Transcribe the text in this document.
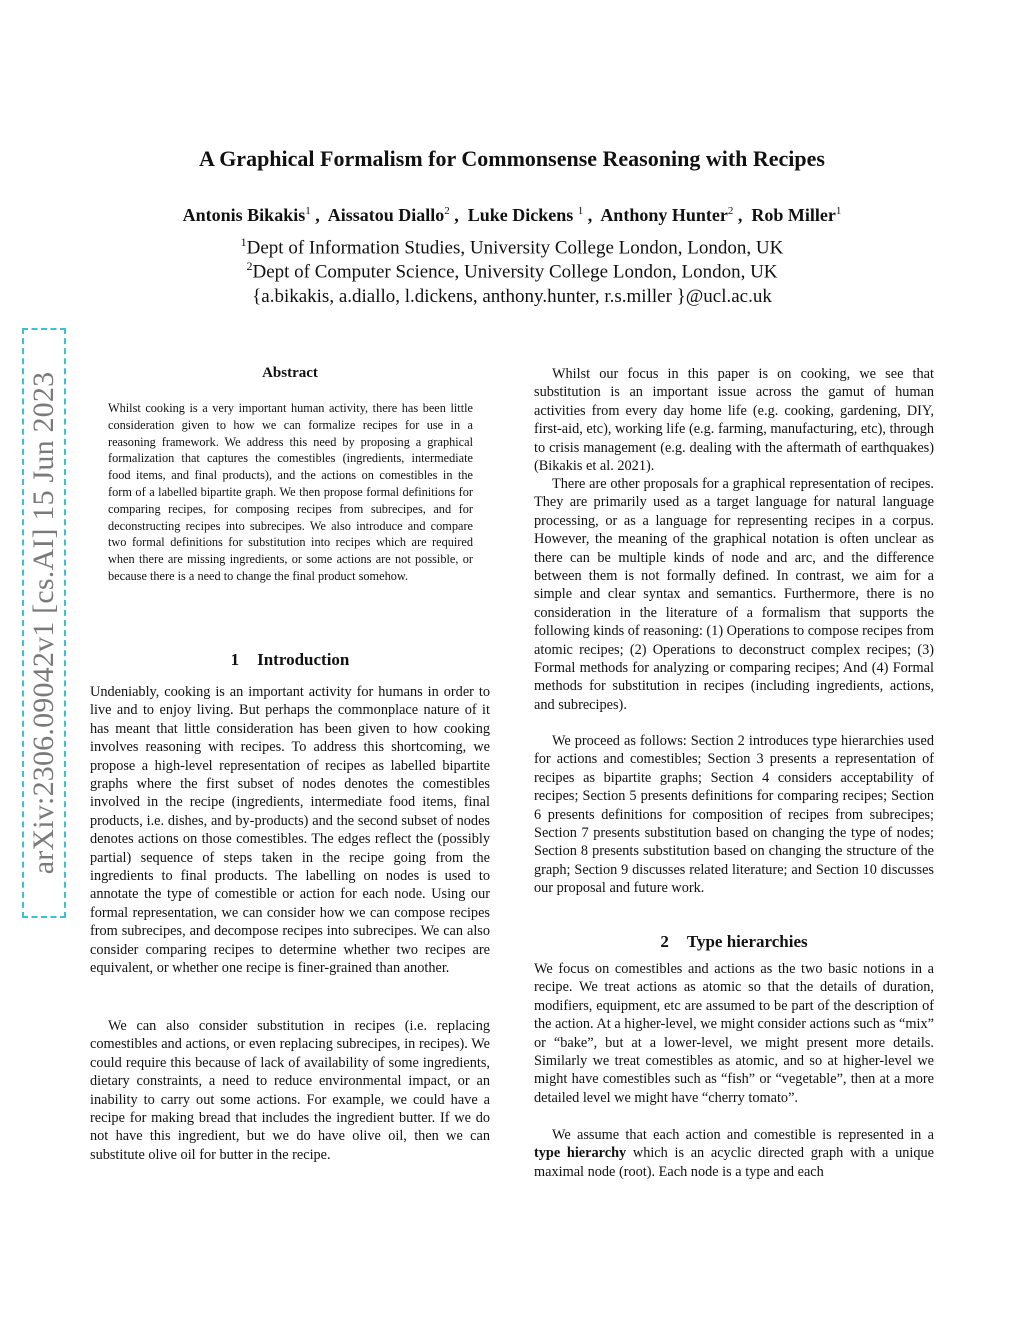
arXiv:2306.09042v1 [cs.AI] 15 Jun 2023
A Graphical Formalism for Commonsense Reasoning with Recipes
Antonis Bikakis$^1$ ,  Aissatou Diallo$^2$ ,  Luke Dickens $^1$ ,  Anthony Hunter$^2$ ,  Rob Miller$^1$
$^1$Dept of Information Studies, University College London, London, UK
$^2$Dept of Computer Science, University College London, London, UK
{a.bikakis, a.diallo, l.dickens, anthony.hunter, r.s.miller }@ucl.ac.uk
Abstract

Whilst cooking is a very important human activity, there has been little consideration given to how we can formalize recipes for use in a reasoning framework. We address this need by proposing a graphical formalization that captures the comestibles (ingredients, intermediate food items, and final products), and the actions on comestibles in the form of a labelled bipartite graph. We then propose formal definitions for comparing recipes, for composing recipes from subrecipes, and for deconstructing recipes into subrecipes. We also introduce and compare two formal definitions for substitution into recipes which are required when there are missing ingredients, or some actions are not possible, or because there is a need to change the final product somehow.

1 Introduction

Undeniably, cooking is an important activity for humans in order to live and to enjoy living. But perhaps the commonplace nature of it has meant that little consideration has been given to how cooking involves reasoning with recipes. To address this shortcoming, we propose a high-level representation of recipes as labelled bipartite graphs where the first subset of nodes denotes the comestibles involved in the recipe (ingredients, intermediate food items, final products, i.e. dishes, and by-products) and the second subset of nodes denotes actions on those comestibles. The edges reflect the (possibly partial) sequence of steps taken in the recipe going from the ingredients to final products. The labelling on nodes is used to annotate the type of comestible or action for each node. Using our formal representation, we can consider how we can compose recipes from subrecipes, and decompose recipes into subrecipes. We can also consider comparing recipes to determine whether two recipes are equivalent, or whether one recipe is finer-grained than another.

We can also consider substitution in recipes (i.e. replacing comestibles and actions, or even replacing subrecipes, in recipes). We could require this because of lack of availability of some ingredients, dietary constraints, a need to reduce environmental impact, or an inability to carry out some actions. For example, we could have a recipe for making bread that includes the ingredient butter. If we do not have this ingredient, but we do have olive oil, then we can substitute olive oil for butter in the recipe.

Whilst our focus in this paper is on cooking, we see that substitution is an important issue across the gamut of human activities from every day home life (e.g. cooking, gardening, DIY, first-aid, etc), working life (e.g. farming, manufacturing, etc), through to crisis management (e.g. dealing with the aftermath of earthquakes) (Bikakis et al. 2021).

There are other proposals for a graphical representation of recipes. They are primarily used as a target language for natural language processing, or as a language for representing recipes in a corpus. However, the meaning of the graphical notation is often unclear as there can be multiple kinds of node and arc, and the difference between them is not formally defined. In contrast, we aim for a simple and clear syntax and semantics. Furthermore, there is no consideration in the literature of a formalism that supports the following kinds of reasoning: (1) Operations to compose recipes from atomic recipes; (2) Operations to deconstruct complex recipes; (3) Formal methods for analyzing or comparing recipes; And (4) Formal methods for substitution in recipes (including ingredients, actions, and subrecipes).

We proceed as follows: Section 2 introduces type hierarchies used for actions and comestibles; Section 3 presents a representation of recipes as bipartite graphs; Section 4 considers acceptability of recipes; Section 5 presents definitions for comparing recipes; Section 6 presents definitions for composition of recipes from subrecipes; Section 7 presents substitution based on changing the type of nodes; Section 8 presents substitution based on changing the structure of the graph; Section 9 discusses related literature; and Section 10 discusses our proposal and future work.

2 Type hierarchies

We focus on comestibles and actions as the two basic notions in a recipe. We treat actions as atomic so that the details of duration, modifiers, equipment, etc are assumed to be part of the description of the action. At a higher-level, we might consider actions such as “mix” or “bake”, but at a lower-level, we might present more details. Similarly we treat comestibles as atomic, and so at higher-level we might have comestibles such as “fish” or “vegetable”, then at a more detailed level we might have “cherry tomato”.

We assume that each action and comestible is represented in a type hierarchy which is an acyclic directed graph with a unique maximal node (root). Each node is a type and each
